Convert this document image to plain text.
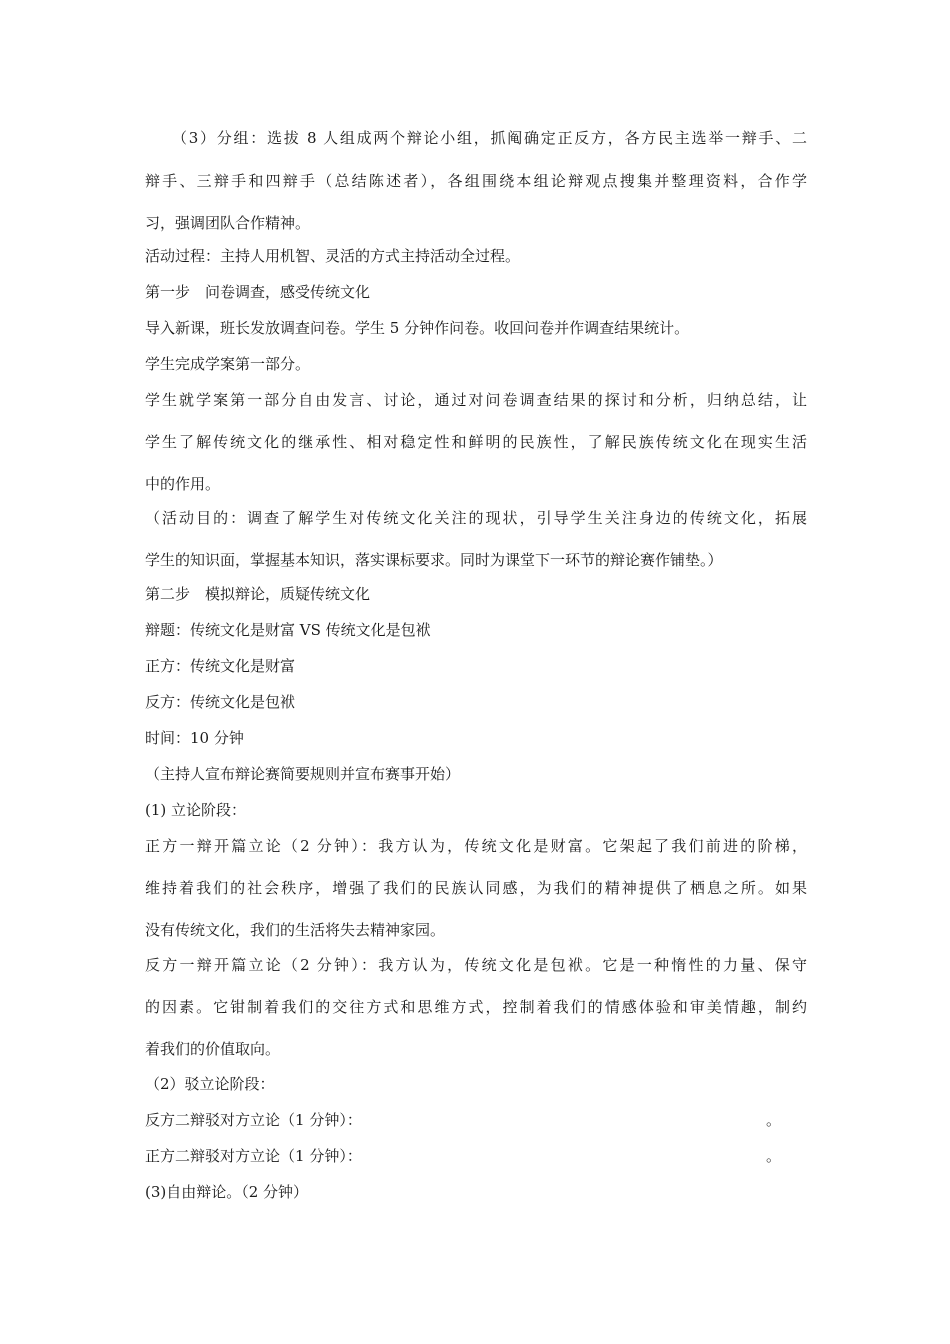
（3）分组：选拔 8 人组成两个辩论小组，抓阄确定正反方，各方民主选举一辩手、二
辩手、三辩手和四辩手（总结陈述者），各组围绕本组论辩观点搜集并整理资料，合作学
习，强调团队合作精神。
活动过程：主持人用机智、灵活的方式主持活动全过程。
第一步　问卷调查，感受传统文化
导入新课，班长发放调查问卷。学生 5 分钟作问卷。收回问卷并作调查结果统计。
学生完成学案第一部分。
学生就学案第一部分自由发言、讨论，通过对问卷调查结果的探讨和分析，归纳总结，让
学生了解传统文化的继承性、相对稳定性和鲜明的民族性，了解民族传统文化在现实生活
中的作用。
（活动目的：调查了解学生对传统文化关注的现状，引导学生关注身边的传统文化，拓展
学生的知识面，掌握基本知识，落实课标要求。同时为课堂下一环节的辩论赛作铺垫。）
第二步　模拟辩论，质疑传统文化
辩题：传统文化是财富 VS 传统文化是包袱
正方：传统文化是财富
反方：传统文化是包袱
时间：10 分钟
（主持人宣布辩论赛简要规则并宣布赛事开始）
(1) 立论阶段：
正方一辩开篇立论（2 分钟）：我方认为，传统文化是财富。它架起了我们前进的阶梯，
维持着我们的社会秩序，增强了我们的民族认同感，为我们的精神提供了栖息之所。如果
没有传统文化，我们的生活将失去精神家园。
反方一辩开篇立论（2 分钟）：我方认为，传统文化是包袱。它是一种惰性的力量、保守
的因素。它钳制着我们的交往方式和思维方式，控制着我们的情感体验和审美情趣，制约
着我们的价值取向。
（2）驳立论阶段：
反方二辩驳对方立论（1 分钟）：	。
正方二辩驳对方立论（1 分钟）：	。
(3)自由辩论。（2 分钟）
